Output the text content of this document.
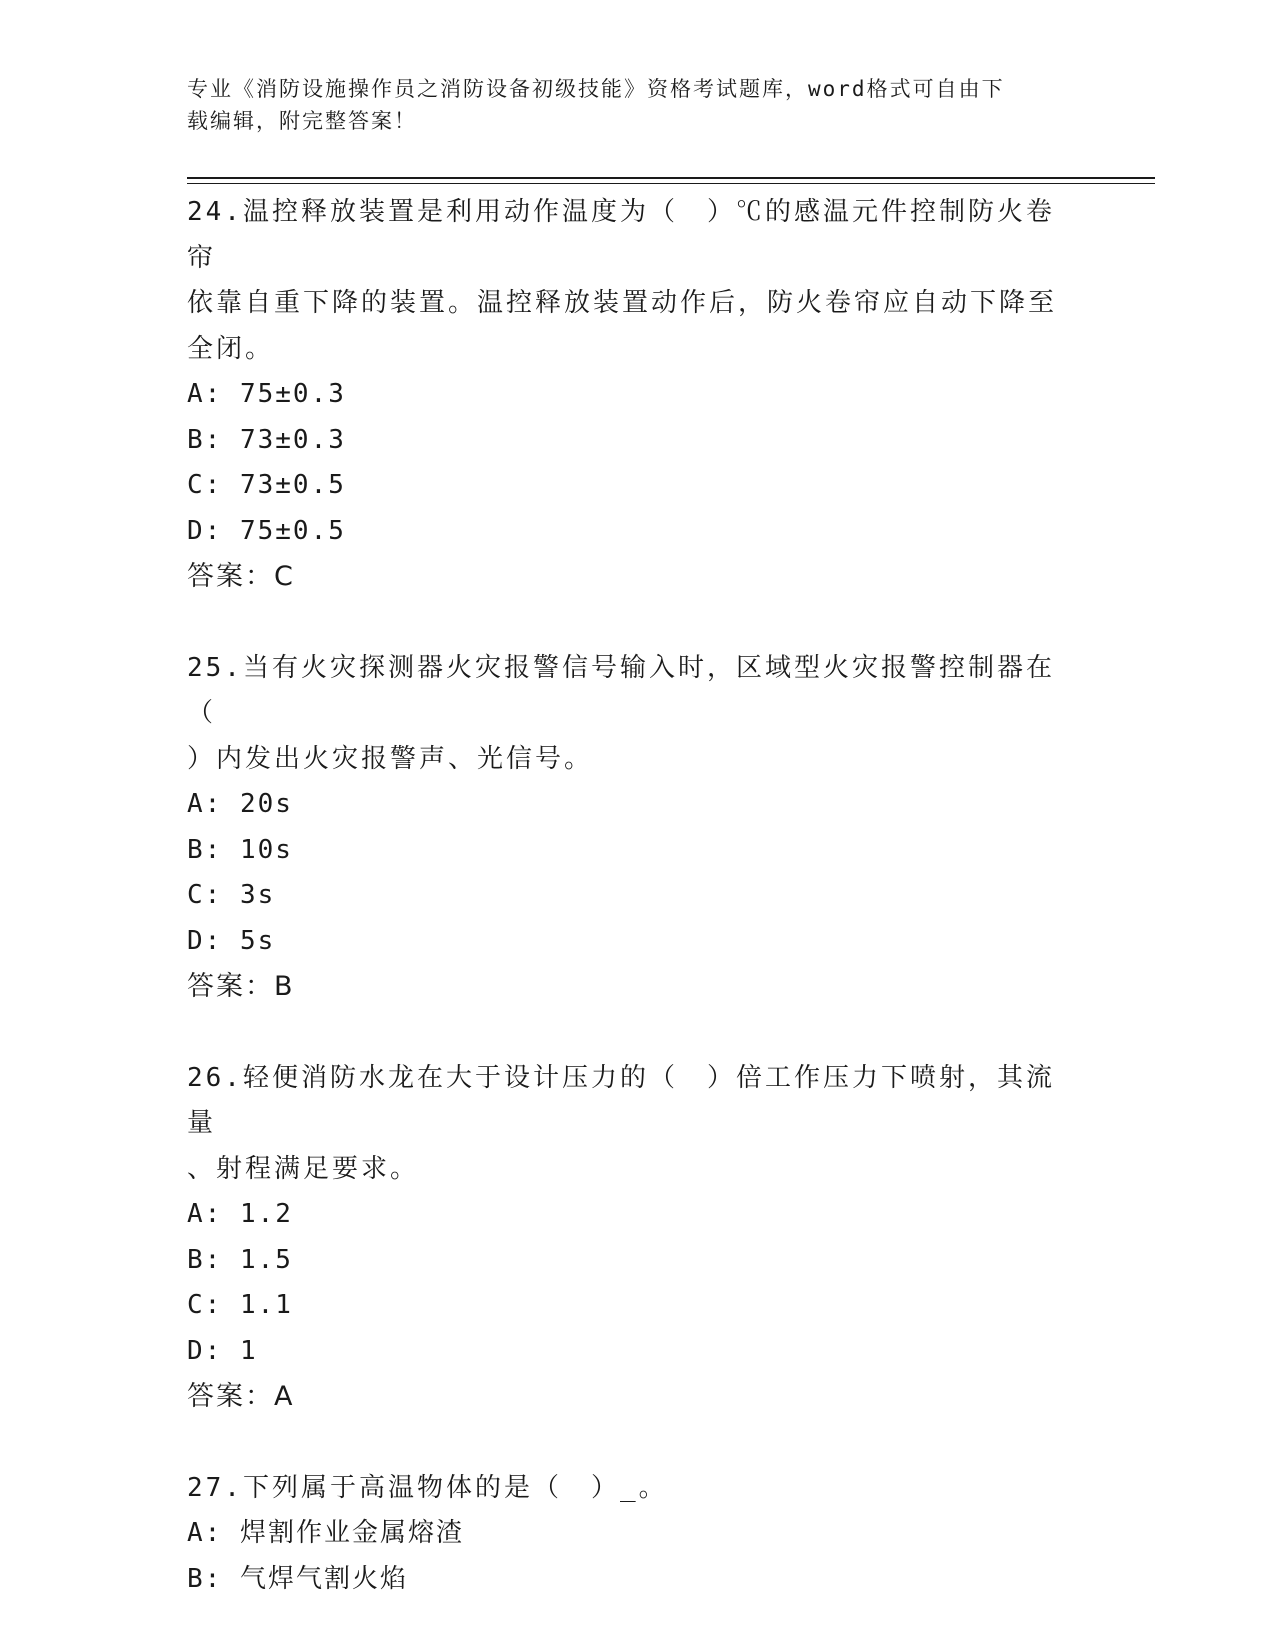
专业《消防设施操作员之消防设备初级技能》资格考试题库，word格式可自由下
载编辑，附完整答案！

24.温控释放装置是利用动作温度为（　）℃的感温元件控制防火卷帘

依靠自重下降的装置。温控释放装置动作后，防火卷帘应自动下降至

全闭。

A: 75±0.3

B: 73±0.3

C: 73±0.5

D: 75±0.5

答案：C

25.当有火灾探测器火灾报警信号输入时，区域型火灾报警控制器在（

）内发出火灾报警声、光信号。

A: 20s

B: 10s

C: 3s

D: 5s

答案：B

26.轻便消防水龙在大于设计压力的（　）倍工作压力下喷射，其流量

、射程满足要求。

A: 1.2

B: 1.5

C: 1.1

D: 1

答案：A

27.下列属于高温物体的是（　）_。

A: 焊割作业金属熔渣

B: 气焊气割火焰
